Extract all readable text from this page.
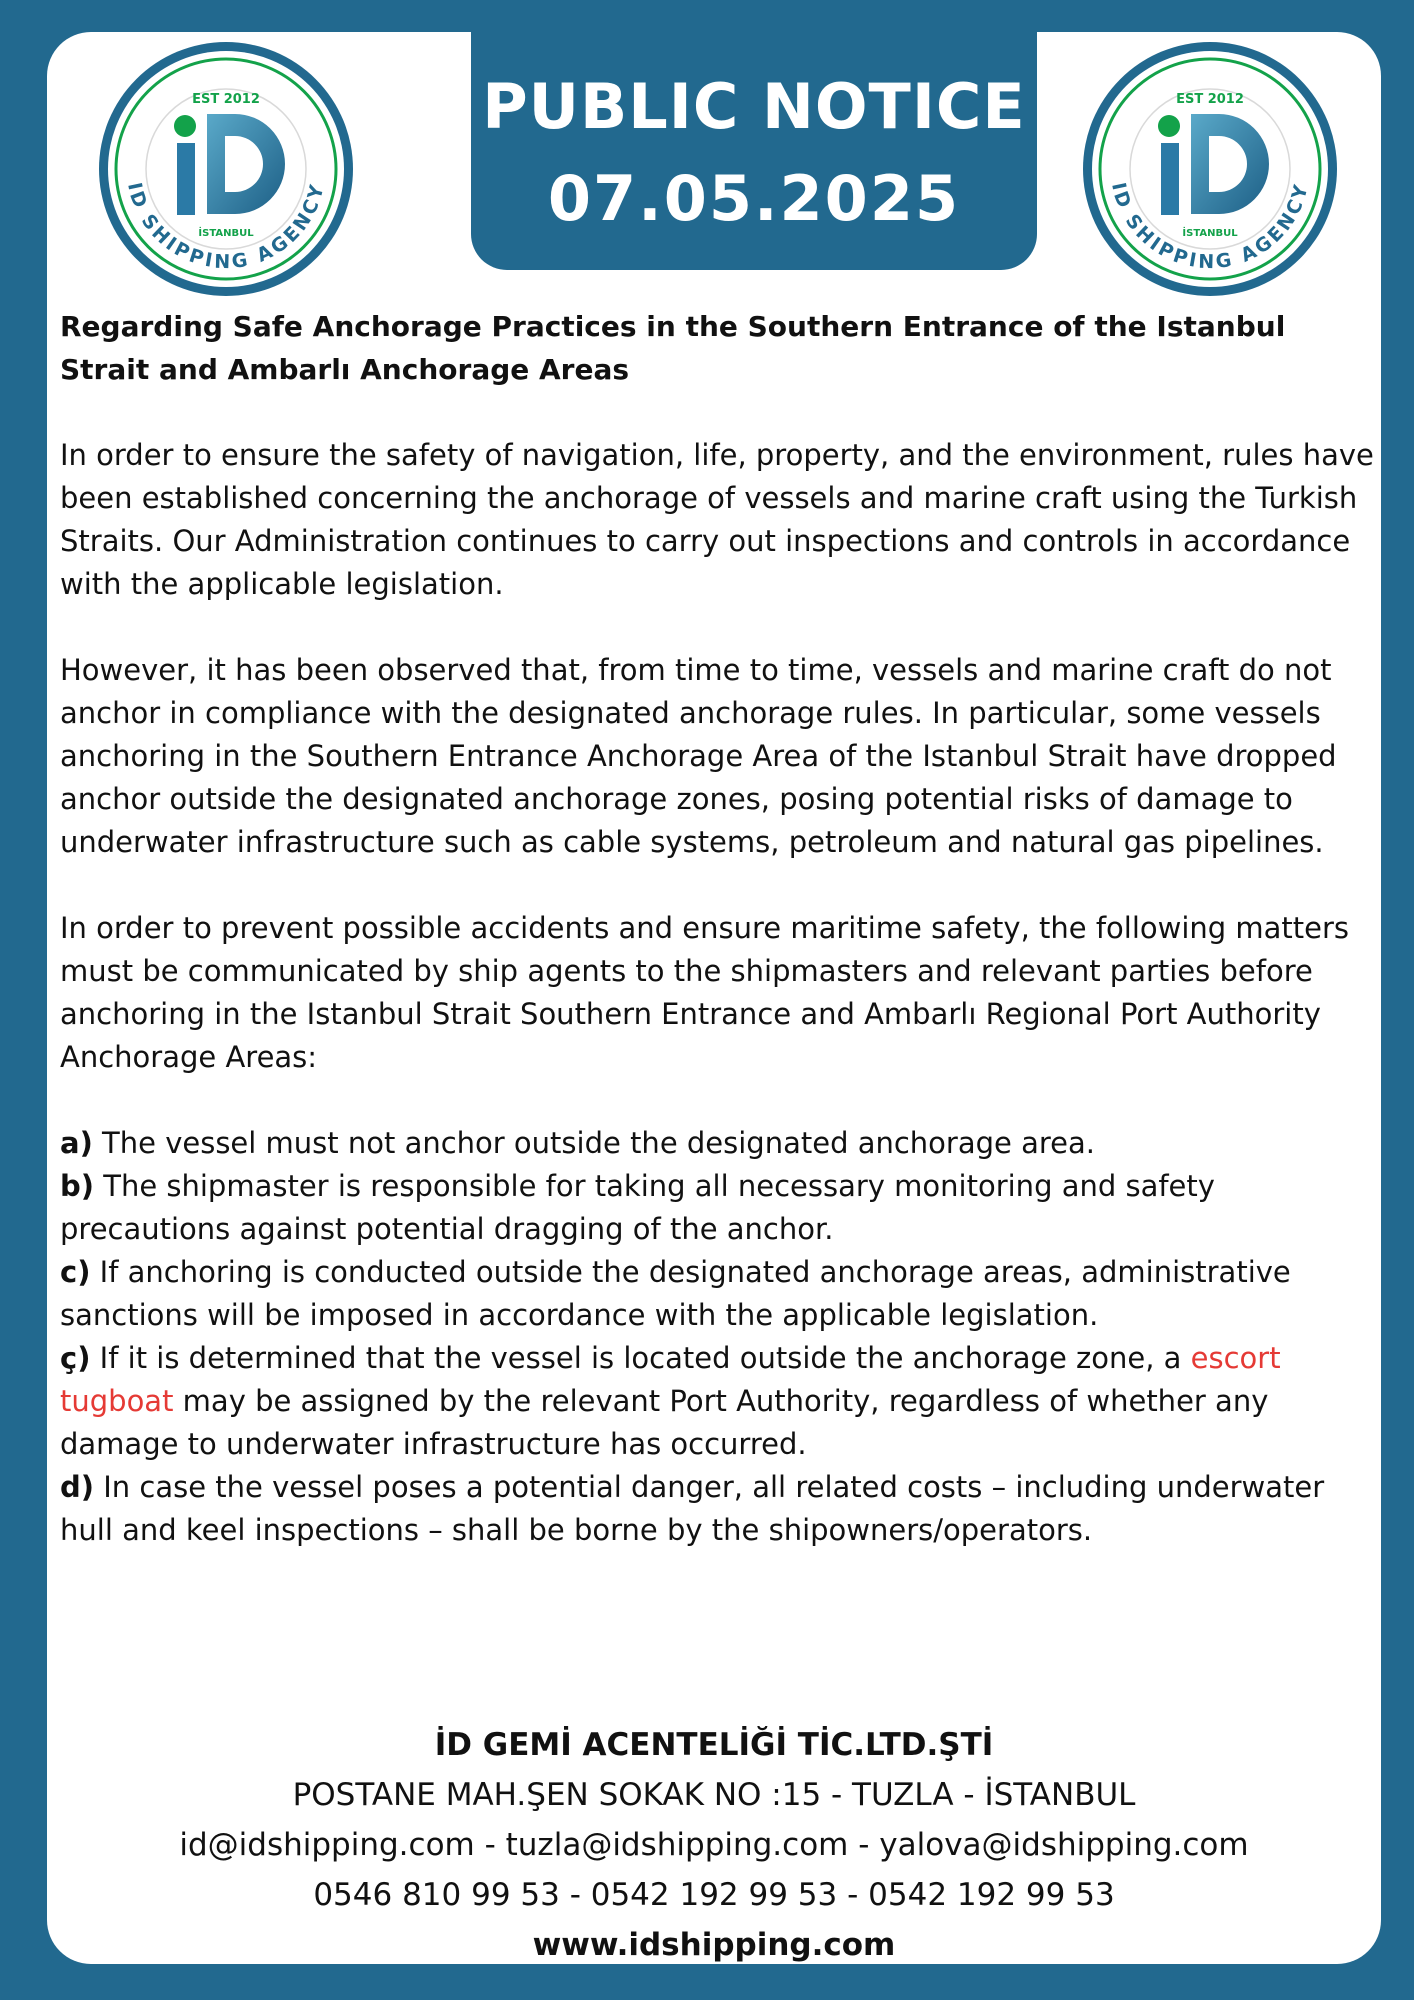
PUBLIC NOTICE
07.05.2025
EST 2012
İSTANBUL
ID SHIPPING AGENCY
EST 2012
İSTANBUL
ID SHIPPING AGENCY

Regarding Safe Anchorage Practices in the Southern Entrance of the Istanbul Strait and Ambarlı Anchorage Areas

In order to ensure the safety of navigation, life, property, and the environment, rules have been established concerning the anchorage of vessels and marine craft using the Turkish Straits. Our Administration continues to carry out inspections and controls in accordance with the applicable legislation.

However, it has been observed that, from time to time, vessels and marine craft do not anchor in compliance with the designated anchorage rules. In particular, some vessels anchoring in the Southern Entrance Anchorage Area of the Istanbul Strait have dropped anchor outside the designated anchorage zones, posing potential risks of damage to underwater infrastructure such as cable systems, petroleum and natural gas pipelines.

In order to prevent possible accidents and ensure maritime safety, the following matters must be communicated by ship agents to the shipmasters and relevant parties before anchoring in the Istanbul Strait Southern Entrance and Ambarlı Regional Port Authority Anchorage Areas:

a) The vessel must not anchor outside the designated anchorage area.

b) The shipmaster is responsible for taking all necessary monitoring and safety precautions against potential dragging of the anchor.

c) If anchoring is conducted outside the designated anchorage areas, administrative sanctions will be imposed in accordance with the applicable legislation.

ç) If it is determined that the vessel is located outside the anchorage zone, a escort tugboat may be assigned by the relevant Port Authority, regardless of whether any damage to underwater infrastructure has occurred.

d) In case the vessel poses a potential danger, all related costs – including underwater hull and keel inspections – shall be borne by the shipowners/operators.

İD GEMİ ACENTELİĞİ TİC.LTD.ŞTİ
POSTANE MAH.ŞEN SOKAK NO :15 - TUZLA - İSTANBUL
id@idshipping.com - tuzla@idshipping.com - yalova@idshipping.com
0546 810 99 53 - 0542 192 99 53 - 0542 192 99 53
www.idshipping.com
